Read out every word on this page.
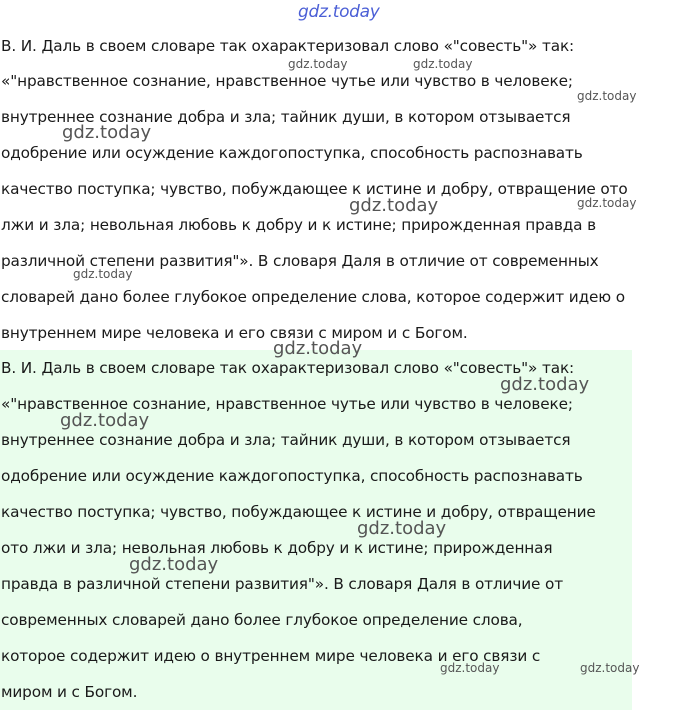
gdz.today
В. И. Даль в своем словаре так охарактеризовал слово «"совесть"» так:
«"нравственное сознание, нравственное чутье или чувство в человеке;
внутреннее сознание добра и зла; тайник души, в котором отзывается
одобрение или осуждение каждогопоступка, способность распознавать
качество поступка; чувство, побуждающее к истине и добру, отвращение ото
лжи и зла; невольная любовь к добру и к истине; прирожденная правда в
различной степени развития"». В словаря Даля в отличие от современных
словарей дано более глубокое определение слова, которое содержит идею о
внутреннем мире человека и его связи с миром и с Богом.
В. И. Даль в своем словаре так охарактеризовал слово «"совесть"» так:
«"нравственное сознание, нравственное чутье или чувство в человеке;
внутреннее сознание добра и зла; тайник души, в котором отзывается
одобрение или осуждение каждогопоступка, способность распознавать
качество поступка; чувство, побуждающее к истине и добру, отвращение
ото лжи и зла; невольная любовь к добру и к истине; прирожденная
правда в различной степени развития"». В словаря Даля в отличие от
современных словарей дано более глубокое определение слова,
которое содержит идею о внутреннем мире человека и его связи с
миром и с Богом.
gdz.today	gdz.today
gdz.today
gdz.today
gdz.today
gdz.today
gdz.today
gdz.today
gdz.today
gdz.today
gdz.today
gdz.today
gdz.today	gdz.today
